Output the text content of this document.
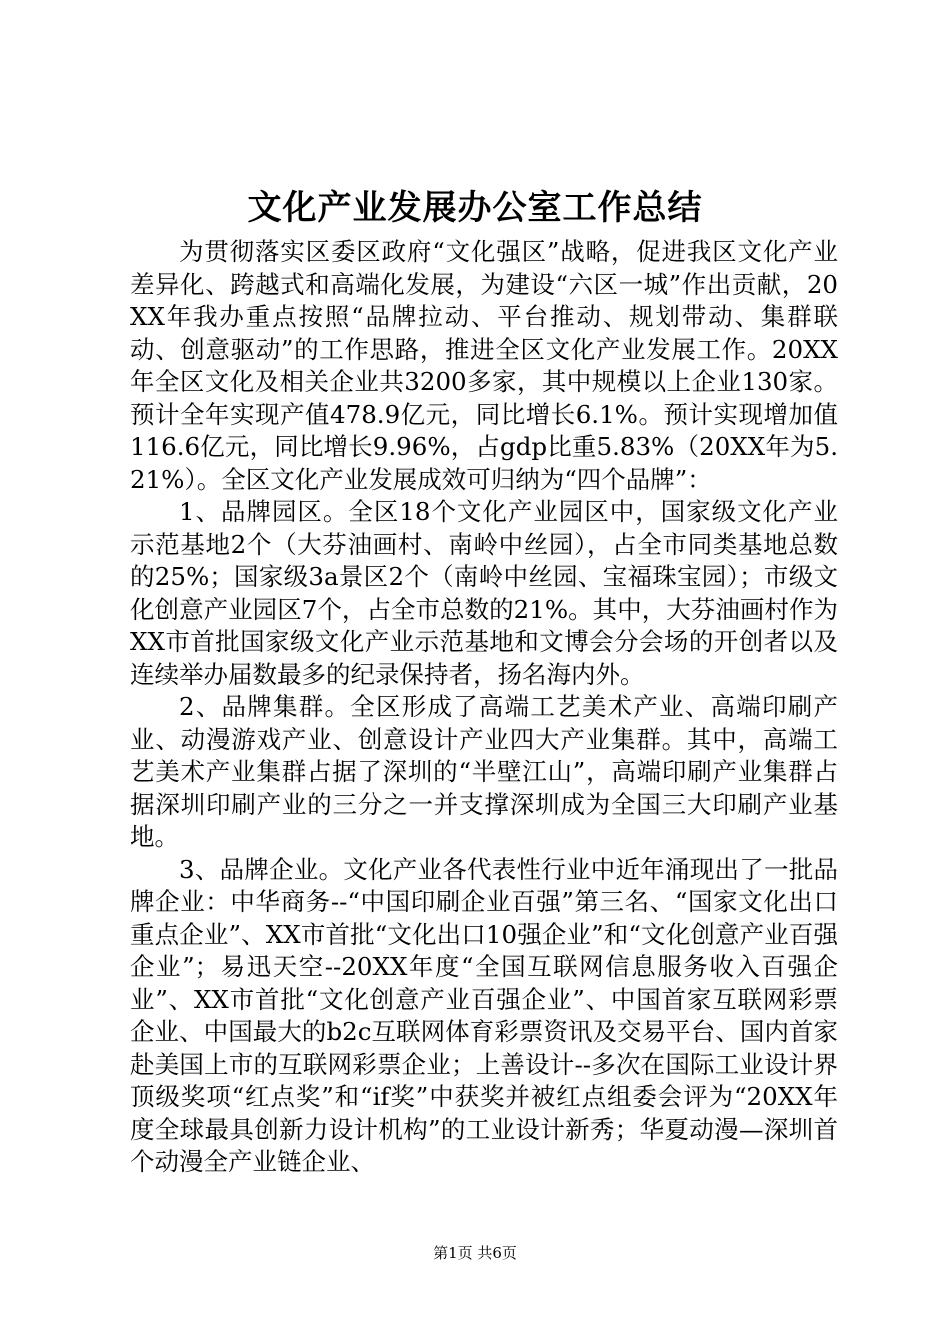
文化产业发展办公室工作总结

为贯彻落实区委区政府“文化强区”战略，促进我区文化产业差异化、跨越式和高端化发展，为建设“六区一城”作出贡献，20XX年我办重点按照“品牌拉动、平台推动、规划带动、集群联动、创意驱动”的工作思路，推进全区文化产业发展工作。20XX年全区文化及相关企业共3200多家，其中规模以上企业130家。预计全年实现产值478.9亿元，同比增长6.1%。预计实现增加值116.6亿元，同比增长9.96%，占gdp比重5.83%（20XX年为5.21%）。全区文化产业发展成效可归纳为“四个品牌”：

1、品牌园区。全区18个文化产业园区中，国家级文化产业示范基地2个（大芬油画村、南岭中丝园），占全市同类基地总数的25%；国家级3a景区2个（南岭中丝园、宝福珠宝园）；市级文化创意产业园区7个，占全市总数的21%。其中，大芬油画村作为XX市首批国家级文化产业示范基地和文博会分会场的开创者以及连续举办届数最多的纪录保持者，扬名海内外。

2、品牌集群。全区形成了高端工艺美术产业、高端印刷产业、动漫游戏产业、创意设计产业四大产业集群。其中，高端工艺美术产业集群占据了深圳的“半壁江山”，高端印刷产业集群占据深圳印刷产业的三分之一并支撑深圳成为全国三大印刷产业基地。

3、品牌企业。文化产业各代表性行业中近年涌现出了一批品牌企业：中华商务--“中国印刷企业百强”第三名、“国家文化出口重点企业”、XX市首批“文化出口10强企业”和“文化创意产业百强企业”；易迅天空--20XX年度“全国互联网信息服务收入百强企业”、XX市首批“文化创意产业百强企业”、中国首家互联网彩票企业、中国最大的b2c互联网体育彩票资讯及交易平台、国内首家赴美国上市的互联网彩票企业；上善设计--多次在国际工业设计界顶级奖项“红点奖”和“if奖”中获奖并被红点组委会评为“20XX年度全球最具创新力设计机构”的工业设计新秀；华夏动漫—深圳首个动漫全产业链企业、

第1页 共6页
